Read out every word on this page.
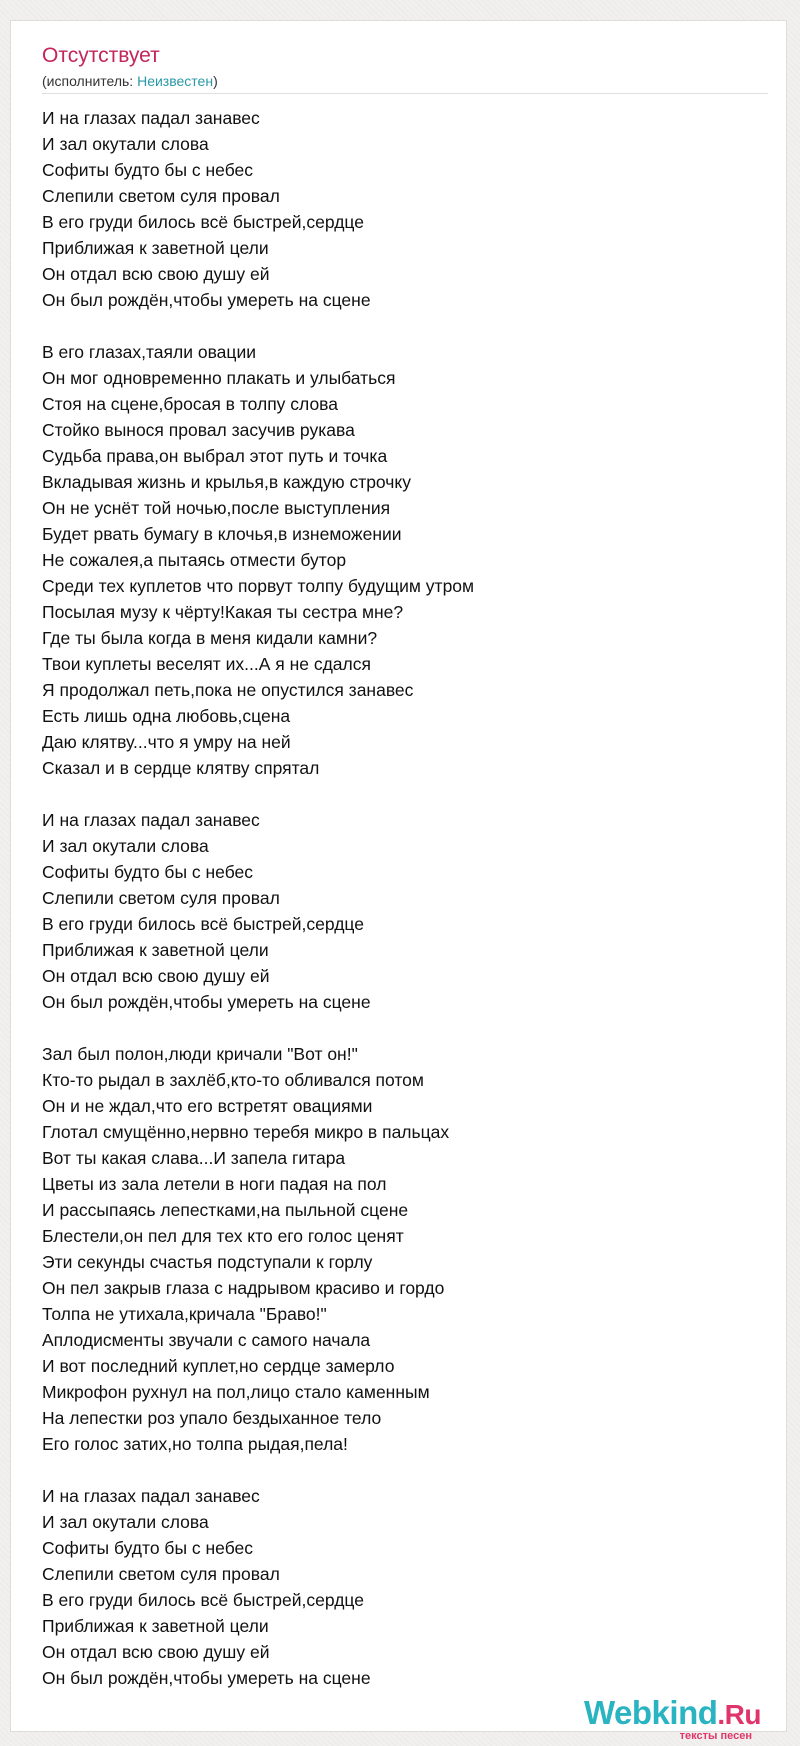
Отсутствует
(исполнитель: Неизвестен)
И на глазах падал занавес
И зал окутали слова
Софиты будто бы с небес
Слепили светом суля провал
В его груди билось всё быстрей,сердце
Приближая к заветной цели
Он отдал всю свою душу ей
Он был рождён,чтобы умереть на сцене
В его глазах,таяли овации
Он мог одновременно плакать и улыбаться
Стоя на сцене,бросая в толпу слова
Стойко вынося провал засучив рукава
Судьба права,он выбрал этот путь и точка
Вкладывая жизнь и крылья,в каждую строчку
Он не уснёт той ночью,после выступления
Будет рвать бумагу в клочья,в изнеможении
Не сожалея,а пытаясь отмести бутор
Среди тех куплетов что порвут толпу будущим утром
Посылая музу к чёрту!Какая ты сестра мне?
Где ты была когда в меня кидали камни?
Твои куплеты веселят их...А я не сдался
Я продолжал петь,пока не опустился занавес
Есть лишь одна любовь,сцена
Даю клятву...что я умру на ней
Сказал и в сердце клятву спрятал
И на глазах падал занавес
И зал окутали слова
Софиты будто бы с небес
Слепили светом суля провал
В его груди билось всё быстрей,сердце
Приближая к заветной цели
Он отдал всю свою душу ей
Он был рождён,чтобы умереть на сцене
Зал был полон,люди кричали "Вот он!"
Кто-то рыдал в захлёб,кто-то обливался потом
Он и не ждал,что его встретят овациями
Глотал смущённо,нервно теребя микро в пальцах
Вот ты какая слава...И запела гитара
Цветы из зала летели в ноги падая на пол
И рассыпаясь лепестками,на пыльной сцене
Блестели,он пел для тех кто его голос ценят
Эти секунды счастья подступали к горлу
Он пел закрыв глаза с надрывом красиво и гордо
Толпа не утихала,кричала "Браво!"
Аплодисменты звучали с самого начала
И вот последний куплет,но сердце замерло
Микрофон рухнул на пол,лицо стало каменным
На лепестки роз упало бездыханное тело
Его голос затих,но толпа рыдая,пела!
И на глазах падал занавес
И зал окутали слова
Софиты будто бы с небес
Слепили светом суля провал
В его груди билось всё быстрей,сердце
Приближая к заветной цели
Он отдал всю свою душу ей
Он был рождён,чтобы умереть на сцене
Webkind.Ru
тексты песен
